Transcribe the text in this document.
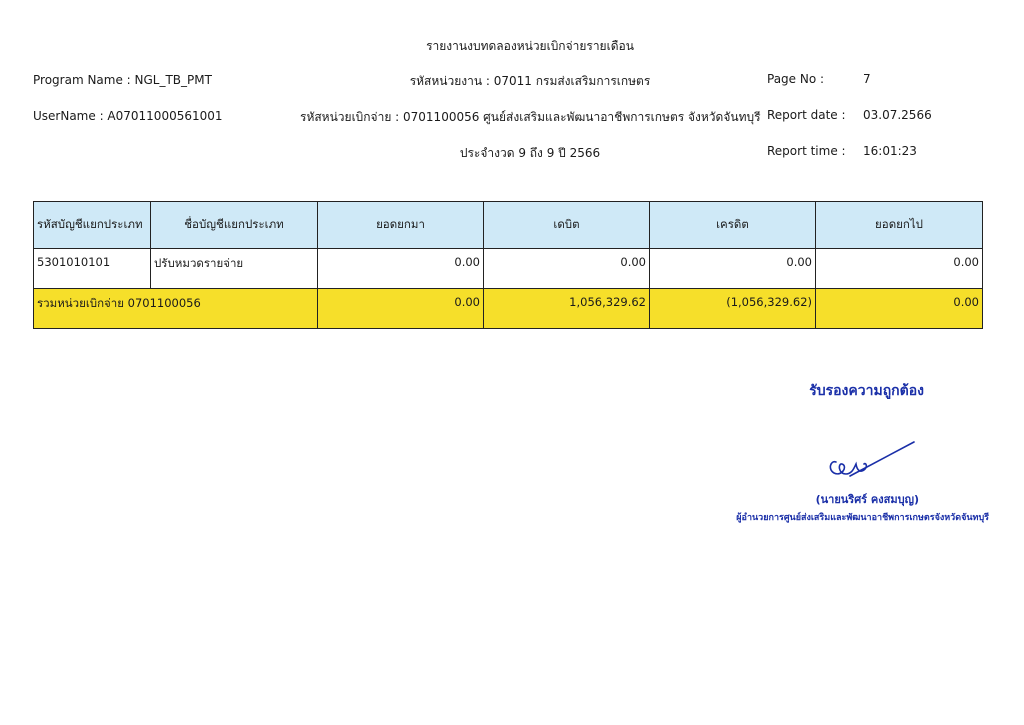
รายงานงบทดลองหน่วยเบิกจ่ายรายเดือน
Program Name : NGL_TB_PMT	รหัสหน่วยงาน : 07011 กรมส่งเสริมการเกษตร	Page No :	7
UserName : A07011000561001	รหัสหน่วยเบิกจ่าย : 0701100056 ศูนย์ส่งเสริมและพัฒนาอาชีพการเกษตร จังหวัดจันทบุรี Report date : 03.07.2566
ประจำงวด 9 ถึง 9 ปี 2566	Report time : 16:01:23
รหัสบัญชีแยกประเภท	ชื่อบัญชีแยกประเภท	ยอดยกมา	เดบิต	เครดิต	ยอดยกไป
5301010101	ปรับหมวดรายจ่าย	0.00	0.00	0.00	0.00
รวมหน่วยเบิกจ่าย 0701100056		0.00	1,056,329.62	(1,056,329.62)	0.00
รับรองความถูกต้อง
(นายนริศร์ คงสมบุญ)
ผู้อำนวยการศูนย์ส่งเสริมและพัฒนาอาชีพการเกษตรจังหวัดจันทบุรี
